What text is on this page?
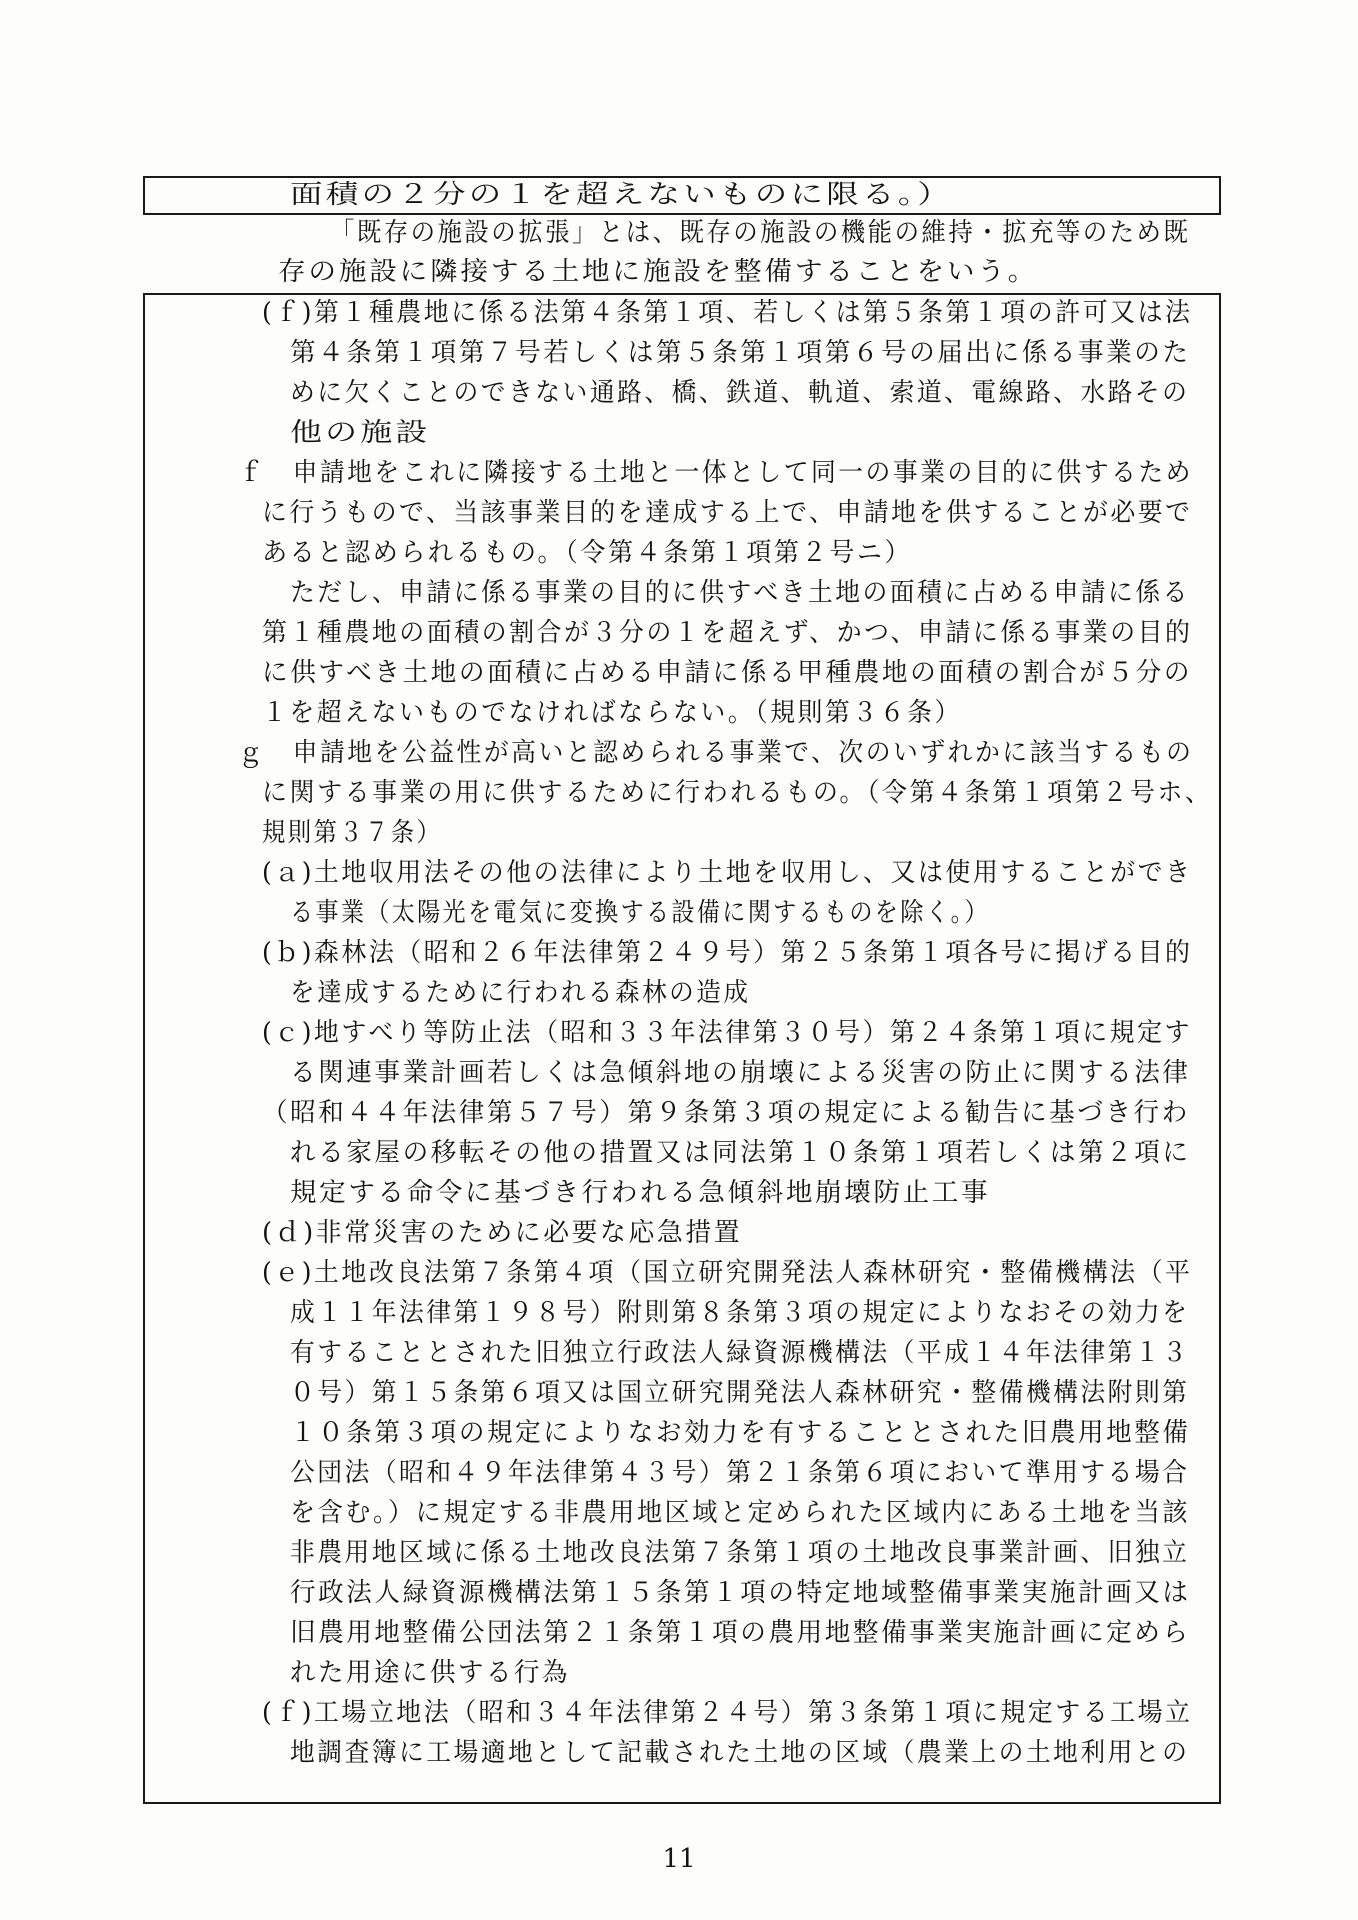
面積の２分の１を超えないものに限る。）
「既存の施設の拡張」とは、既存の施設の機能の維持・拡充等のため既
存の施設に隣接する土地に施設を整備することをいう。
(ｆ)第１種農地に係る法第４条第１項、若しくは第５条第１項の許可又は法
第４条第１項第７号若しくは第５条第１項第６号の届出に係る事業のた
めに欠くことのできない通路、橋、鉄道、軌道、索道、電線路、水路その
他の施設
ｆ　申請地をこれに隣接する土地と一体として同一の事業の目的に供するため
に行うもので、当該事業目的を達成する上で、申請地を供することが必要で
あると認められるもの。（令第４条第１項第２号ニ）
ただし、申請に係る事業の目的に供すべき土地の面積に占める申請に係る
第１種農地の面積の割合が３分の１を超えず、かつ、申請に係る事業の目的
に供すべき土地の面積に占める申請に係る甲種農地の面積の割合が５分の
１を超えないものでなければならない。（規則第３６条）
ｇ　申請地を公益性が高いと認められる事業で、次のいずれかに該当するもの
に関する事業の用に供するために行われるもの。（令第４条第１項第２号ホ、
規則第３７条）
(ａ)土地収用法その他の法律により土地を収用し、又は使用することができ
る事業（太陽光を電気に変換する設備に関するものを除く。）
(ｂ)森林法（昭和２６年法律第２４９号）第２５条第１項各号に掲げる目的
を達成するために行われる森林の造成
(ｃ)地すべり等防止法（昭和３３年法律第３０号）第２４条第１項に規定す
る関連事業計画若しくは急傾斜地の崩壊による災害の防止に関する法律
（昭和４４年法律第５７号）第９条第３項の規定による勧告に基づき行わ
れる家屋の移転その他の措置又は同法第１０条第１項若しくは第２項に
規定する命令に基づき行われる急傾斜地崩壊防止工事
(ｄ)非常災害のために必要な応急措置
(ｅ)土地改良法第７条第４項（国立研究開発法人森林研究・整備機構法（平
成１１年法律第１９８号）附則第８条第３項の規定によりなおその効力を
有することとされた旧独立行政法人緑資源機構法（平成１４年法律第１３
０号）第１５条第６項又は国立研究開発法人森林研究・整備機構法附則第
１０条第３項の規定によりなお効力を有することとされた旧農用地整備
公団法（昭和４９年法律第４３号）第２１条第６項において準用する場合
を含む。）に規定する非農用地区域と定められた区域内にある土地を当該
非農用地区域に係る土地改良法第７条第１項の土地改良事業計画、旧独立
行政法人緑資源機構法第１５条第１項の特定地域整備事業実施計画又は
旧農用地整備公団法第２１条第１項の農用地整備事業実施計画に定めら
れた用途に供する行為
(ｆ)工場立地法（昭和３４年法律第２４号）第３条第１項に規定する工場立
地調査簿に工場適地として記載された土地の区域（農業上の土地利用との
11
